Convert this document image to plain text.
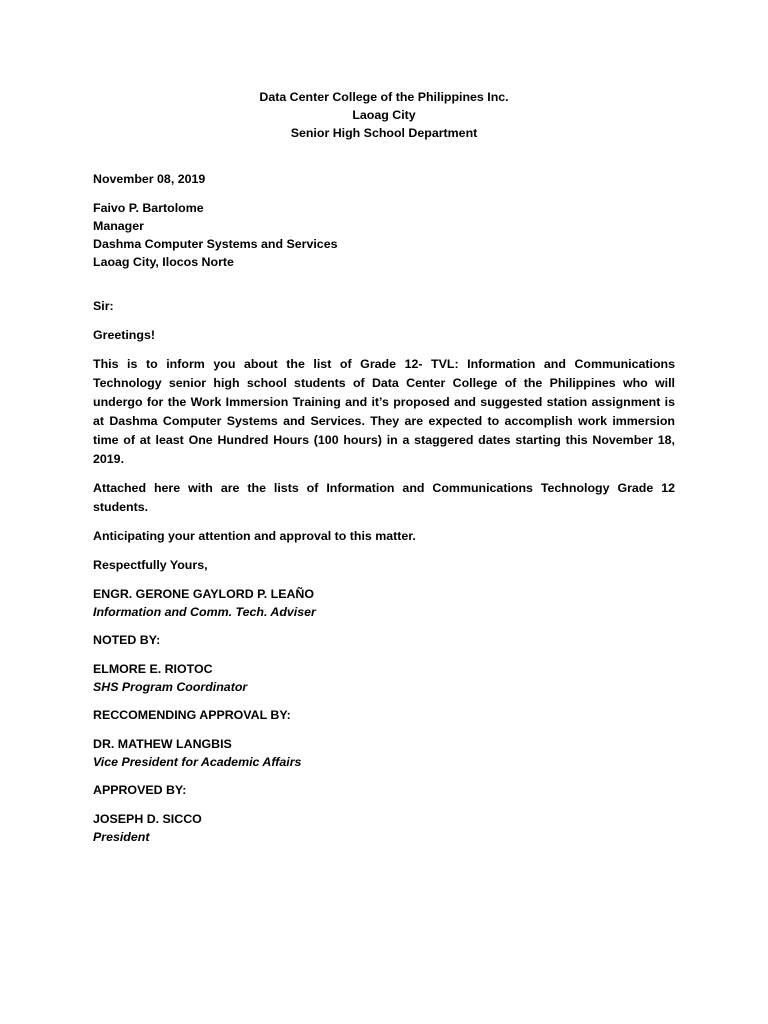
Data Center College of the Philippines Inc.
Laoag City
Senior High School Department
November 08, 2019
Faivo P. Bartolome
Manager
Dashma Computer Systems and Services
Laoag City, Ilocos Norte
Sir:
Greetings!
This is to inform you about the list of Grade 12- TVL: Information and Communications Technology senior high school students of Data Center College of the Philippines who will undergo for the Work Immersion Training and it’s proposed and suggested station assignment is at Dashma Computer Systems and Services. They are expected to accomplish work immersion time of at least One Hundred Hours (100 hours) in a staggered dates starting this November 18, 2019.
Attached here with are the lists of Information and Communications Technology Grade 12 students.
Anticipating your attention and approval to this matter.
Respectfully Yours,
ENGR. GERONE GAYLORD P. LEAÑO
Information and Comm. Tech. Adviser
NOTED BY:
ELMORE E. RIOTOC
SHS Program Coordinator
RECCOMENDING APPROVAL BY:
DR. MATHEW LANGBIS
Vice President for Academic Affairs
APPROVED BY:
JOSEPH D. SICCO
President
